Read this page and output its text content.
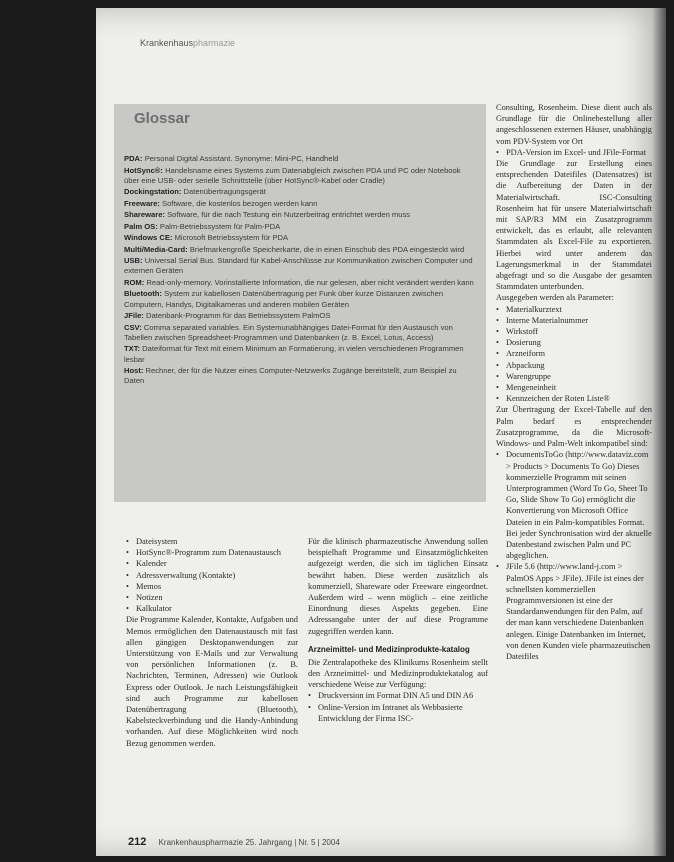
Krankenhauspharmazie
Glossar
PDA: Personal Digital Assistant. Synonyme: Mini-PC, Handheld
HotSync®: Handelsname eines Systems zum Datenabgleich zwischen PDA und PC oder Notebook über eine USB- oder serielle Schnittstelle (über HotSync®-Kabel oder Cradle)
Dockingstation: Datenübertragungsgerät
Freeware: Software, die kostenlos bezogen werden kann
Shareware: Software, für die nach Testung ein Nutzerbeitrag entrichtet werden muss
Palm OS: Palm-Betriebssystem für Palm-PDA
Windows CE: Microsoft Betriebssystem für PDA
Multi/Media-Card: Briefmarkengroße Speicherkarte, die in einen Einschub des PDA eingesteckt wird
USB: Universal Serial Bus. Standard für Kabel-Anschlüsse zur Kommunikation zwischen Computer und externen Geräten
ROM: Read-only-memory. Vorinstallierte Information, die nur gelesen, aber nicht verändert werden kann
Bluetooth: System zur kabellosen Datenübertragung per Funk über kurze Distanzen zwischen Computern, Handys, Digitalkameras und anderen mobilen Geräten
JFile: Datenbank-Programm für das Betriebssystem PalmOS
CSV: Comma separated variables. Ein Systemunabhängiges Datei-Format für den Austausch von Tabellen zwischen Spreadsheet-Programmen und Datenbanken (z. B. Excel, Lotus, Access)
TXT: Dateiformat für Text mit einem Minimum an Formatierung, in vielen verschiedenen Programmen lesbar
Host: Rechner, der für die Nutzer eines Computer-Netzwerks Zugänge bereitstellt, zum Beispiel zu Daten
• Dateisystem
• HotSync®-Programm zum Datenaustausch
• Kalender
• Adressverwaltung (Kontakte)
• Memos
• Notizen
• Kalkulator

Die Programme Kalender, Kontakte, Aufgaben und Memos ermöglichen den Datenaustausch mit fast allen gängigen Desktopanwendungen zur Unterstützung von E-Mails und zur Verwaltung von persönlichen Informationen (z. B. Nachrichten, Terminen, Adressen) wie Outlook Express oder Outlook. Je nach Leistungsfähigkeit sind auch Programme zur kabellosen Datenübertragung (Bluetooth), Kabelsteckverbindung und die Handy-Anbindung vorhanden. Auf diese Möglichkeiten wird noch Bezug genommen werden.

Für die klinisch pharmazeutische Anwendung sollen beispielhaft Programme und Einsatzmöglichkeiten aufgezeigt werden, die sich im täglichen Einsatz bewährt haben. Diese werden zusätzlich als kommerziell, Shareware oder Freeware eingeordnet. Außerdem wird – wenn möglich – eine zeitliche Einordnung dieses Aspekts gegeben. Eine Adressangabe unter der auf diese Programme zugegriffen werden kann.

Arzneimittel- und Medizinprodukte-katalog

Die Zentralapotheke des Klinikums Rosenheim stellt den Arzneimittel- und Medizinproduktekatalog auf verschiedene Weise zur Verfügung:

• Druckversion im Format DIN A5 und DIN A6
• Online-Version im Intranet als Webbasierte Entwicklung der Firma ISC-

Consulting, Rosenheim. Diese dient auch als Grundlage für die Onlinebestellung aller angeschlossenen externen Häuser, unabhängig vom PDV-System vor Ort

• PDA-Version im Excel- und JFile-Format

Die Grundlage zur Erstellung eines entsprechenden Dateifiles (Datensatzes) ist die Aufbereitung der Daten in der Materialwirtschaft. ISC-Consulting Rosenheim hat für unsere Materialwirtschaft mit SAP/R3 MM ein Zusatzprogramm entwickelt, das es erlaubt, alle relevanten Stammdaten als Excel-File zu exportieren. Hierbei wird unter anderem das Lagerungsmerkmal in der Stammdatei abgefragt und so die Ausgabe der gesamten Stammdaten unterbunden.

Ausgegeben werden als Parameter:

• Materialkurztext
• Interne Materialnummer
• Wirkstoff
• Dosierung
• Arzneiform
• Abpackung
• Warengruppe
• Mengeneinheit
• Kennzeichen der Roten Liste®

Zur Übertragung der Excel-Tabelle auf den Palm bedarf es entsprechender Zusatzprogramme, da die Microsoft-Windows- und Palm-Welt inkompatibel sind:

• DocumentsToGo (http://www.dataviz.com > Products > Documents To Go) Dieses kommerzielle Programm mit seinen Unterprogrammen (Word To Go, Sheet To Go, Slide Show To Go) ermöglicht die Konvertierung von Microsoft Office Dateien in ein Palm-kompatibles Format. Bei jeder Synchronisation wird der aktuelle Datenbestand zwischen Palm und PC abgeglichen.
• JFile 5.6 (http://www.land-j.com > PalmOS Apps > JFile). JFile ist eines der schnellsten kommerziellen Programmversionen ist eine der Standardanwendungen für den Palm, auf der man kann verschiedene Datenbanken anlegen. Einige Datenbanken im Internet, von denen Kunden viele pharmazeutischen Dateifiles
212 Krankenhauspharmazie 25. Jahrgang | Nr. 5 | 2004
